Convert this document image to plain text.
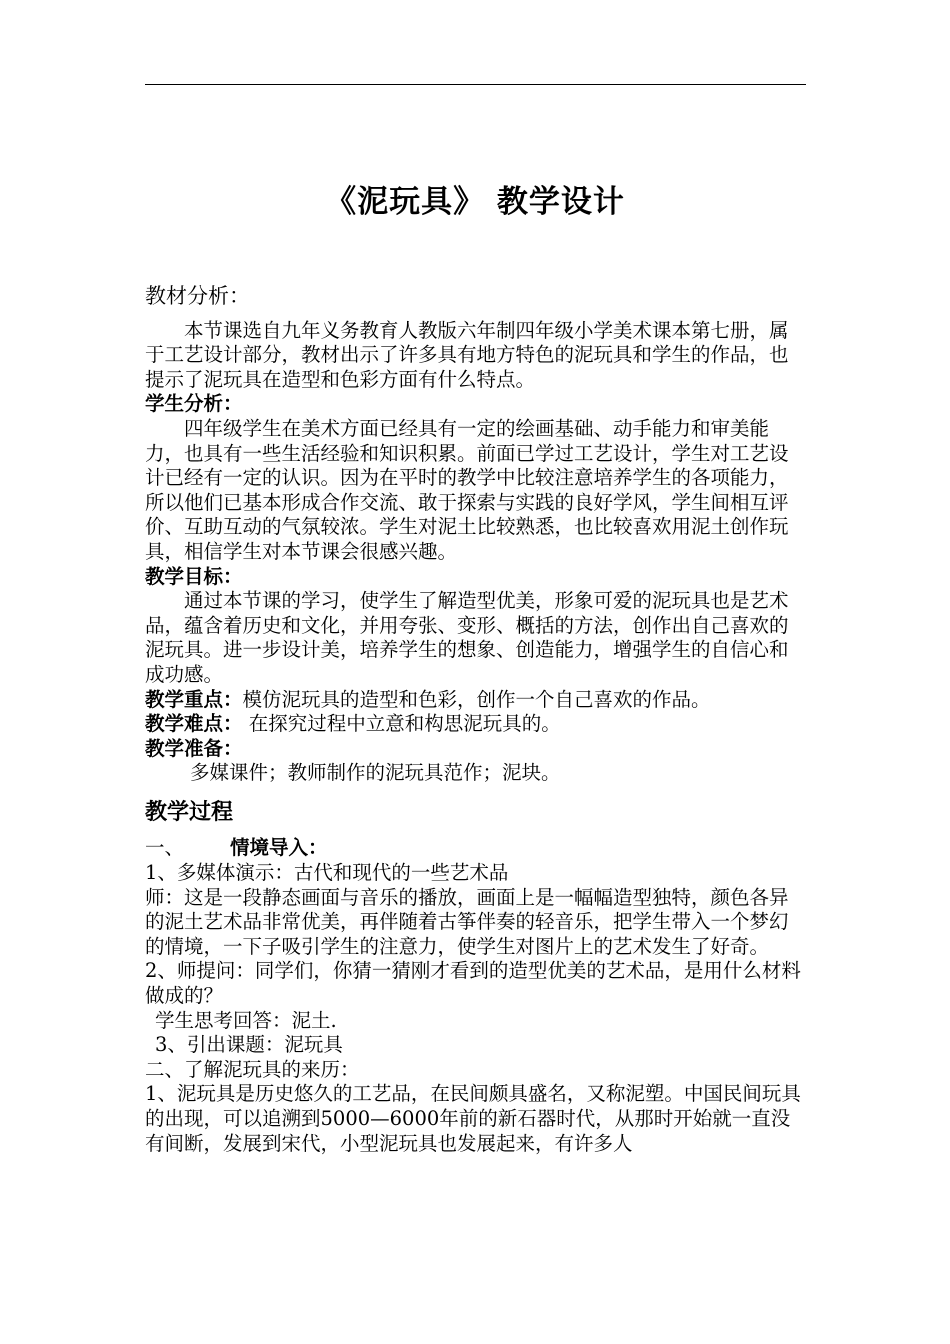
《泥玩具》 教学设计

教材分析：

本节课选自九年义务教育人教版六年制四年级小学美术课本第七册，属于工艺设计部分，教材出示了许多具有地方特色的泥玩具和学生的作品，也提示了泥玩具在造型和色彩方面有什么特点。

学生分析：

四年级学生在美术方面已经具有一定的绘画基础、动手能力和审美能力，也具有一些生活经验和知识积累。前面已学过工艺设计，学生对工艺设计已经有一定的认识。因为在平时的教学中比较注意培养学生的各项能力，所以他们已基本形成合作交流、敢于探索与实践的良好学风，学生间相互评价、互助互动的气氛较浓。学生对泥土比较熟悉，也比较喜欢用泥土创作玩具，相信学生对本节课会很感兴趣。

教学目标：

通过本节课的学习，使学生了解造型优美，形象可爱的泥玩具也是艺术品，蕴含着历史和文化，并用夸张、变形、概括的方法，创作出自己喜欢的泥玩具。进一步设计美，培养学生的想象、创造能力，增强学生的自信心和成功感。

教学重点：模仿泥玩具的造型和色彩，创作一个自己喜欢的作品。

教学难点： 在探究过程中立意和构思泥玩具的。

教学准备：

多媒课件；教师制作的泥玩具范作；泥块。

教学过程

一、 情境导入：

1、多媒体演示：古代和现代的一些艺术品

师：这是一段静态画面与音乐的播放，画面上是一幅幅造型独特，颜色各异的泥土艺术品非常优美，再伴随着古筝伴奏的轻音乐，把学生带入一个梦幻的情境，一下子吸引学生的注意力，使学生对图片上的艺术发生了好奇。

2、师提问：同学们，你猜一猜刚才看到的造型优美的艺术品，是用什么材料做成的？

学生思考回答：泥土.

3、引出课题：泥玩具

二、了解泥玩具的来历：

1、泥玩具是历史悠久的工艺品，在民间颇具盛名，又称泥塑。中国民间玩具的出现，可以追溯到5000—6000年前的新石器时代，从那时开始就一直没有间断，发展到宋代，小型泥玩具也发展起来，有许多人
